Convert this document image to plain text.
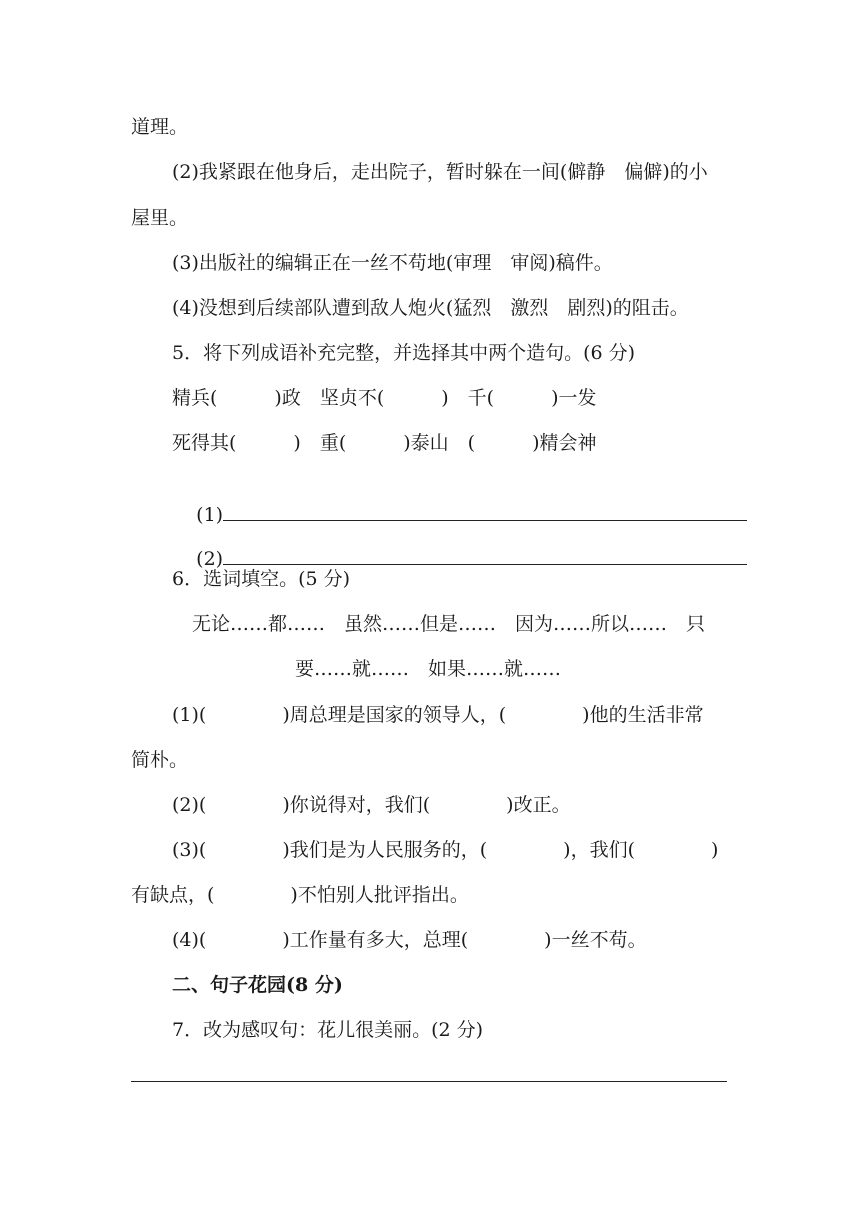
道理。
(2)我紧跟在他身后，走出院子，暂时躲在一间(僻静　偏僻)的小
屋里。
(3)出版社的编辑正在一丝不苟地(审理　审阅)稿件。
(4)没想到后续部队遭到敌人炮火(猛烈　激烈　剧烈)的阻击。
5．将下列成语补充完整，并选择其中两个造句。(6 分)
精兵(　　　)政　坚贞不(　　　)　千(　　　)一发
死得其(　　　)　重(　　　)泰山　(　　　)精会神

(1)

(2)

6．选词填空。(5 分)
无论……都……　虽然……但是……　因为……所以……　只
要……就……　如果……就……
(1)(　　　　)周总理是国家的领导人，(　　　　)他的生活非常
简朴。
(2)(　　　　)你说得对，我们(　　　　)改正。
(3)(　　　　)我们是为人民服务的，(　　　　)，我们(　　　　)
有缺点，(　　　　)不怕别人批评指出。
(4)(　　　　)工作量有多大，总理(　　　　)一丝不苟。
二、句子花园(8 分)
7．改为感叹句：花儿很美丽。(2 分)
